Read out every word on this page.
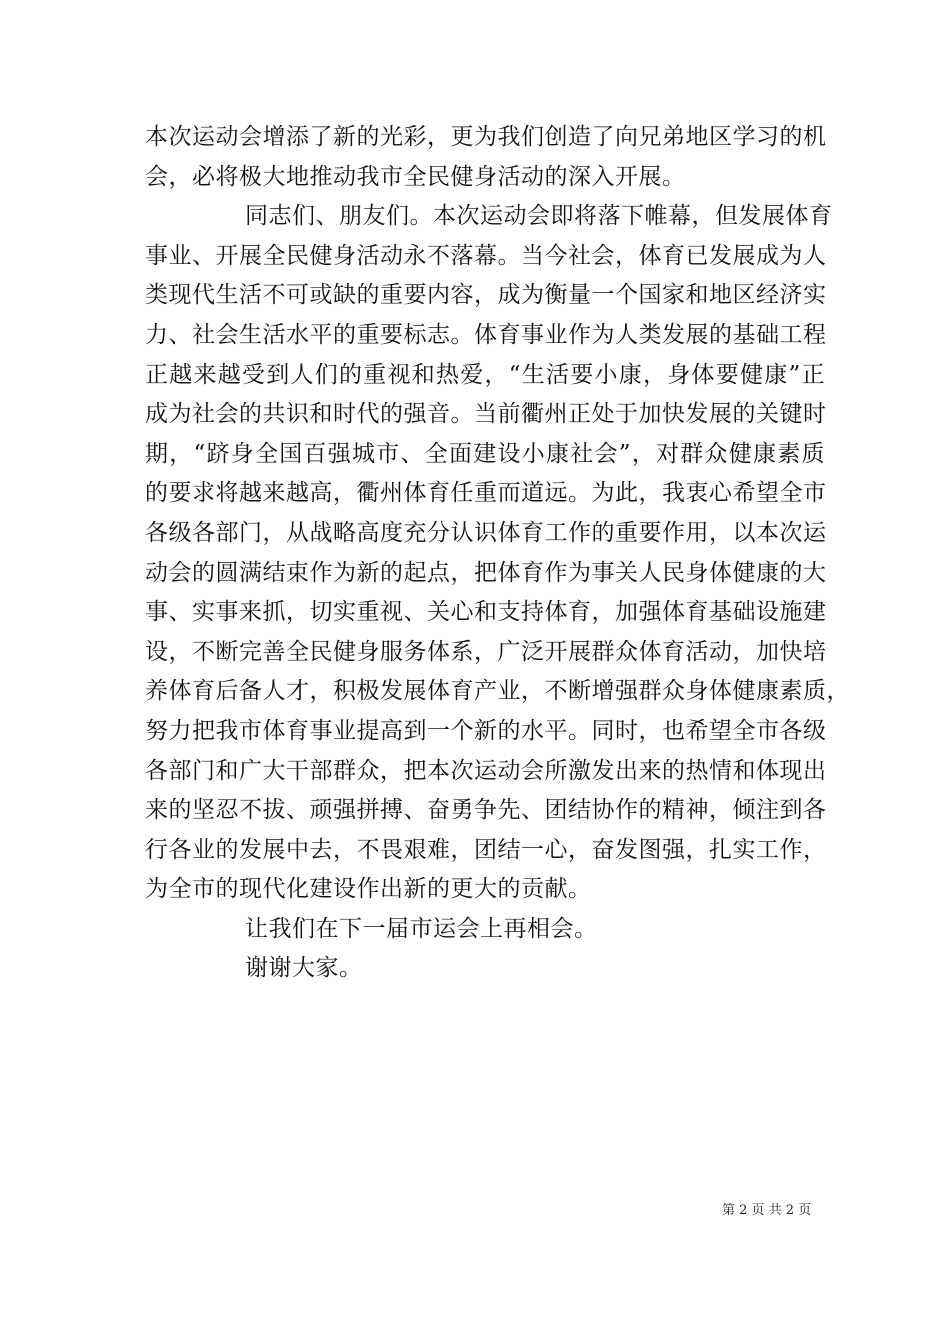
本次运动会增添了新的光彩，更为我们创造了向兄弟地区学习的机
会，必将极大地推动我市全民健身活动的深入开展。
同志们、朋友们。本次运动会即将落下帷幕，但发展体育
事业、开展全民健身活动永不落幕。当今社会，体育已发展成为人
类现代生活不可或缺的重要内容，成为衡量一个国家和地区经济实
力、社会生活水平的重要标志。体育事业作为人类发展的基础工程
正越来越受到人们的重视和热爱，“生活要小康，身体要健康”正
成为社会的共识和时代的强音。当前衢州正处于加快发展的关键时
期，“跻身全国百强城市、全面建设小康社会”，对群众健康素质
的要求将越来越高，衢州体育任重而道远。为此，我衷心希望全市
各级各部门，从战略高度充分认识体育工作的重要作用，以本次运
动会的圆满结束作为新的起点，把体育作为事关人民身体健康的大
事、实事来抓，切实重视、关心和支持体育，加强体育基础设施建
设，不断完善全民健身服务体系，广泛开展群众体育活动，加快培
养体育后备人才，积极发展体育产业，不断增强群众身体健康素质，
努力把我市体育事业提高到一个新的水平。同时，也希望全市各级
各部门和广大干部群众，把本次运动会所激发出来的热情和体现出
来的坚忍不拔、顽强拼搏、奋勇争先、团结协作的精神，倾注到各
行各业的发展中去，不畏艰难，团结一心，奋发图强，扎实工作，
为全市的现代化建设作出新的更大的贡献。
让我们在下一届市运会上再相会。
谢谢大家。
第 2 页 共 2 页
